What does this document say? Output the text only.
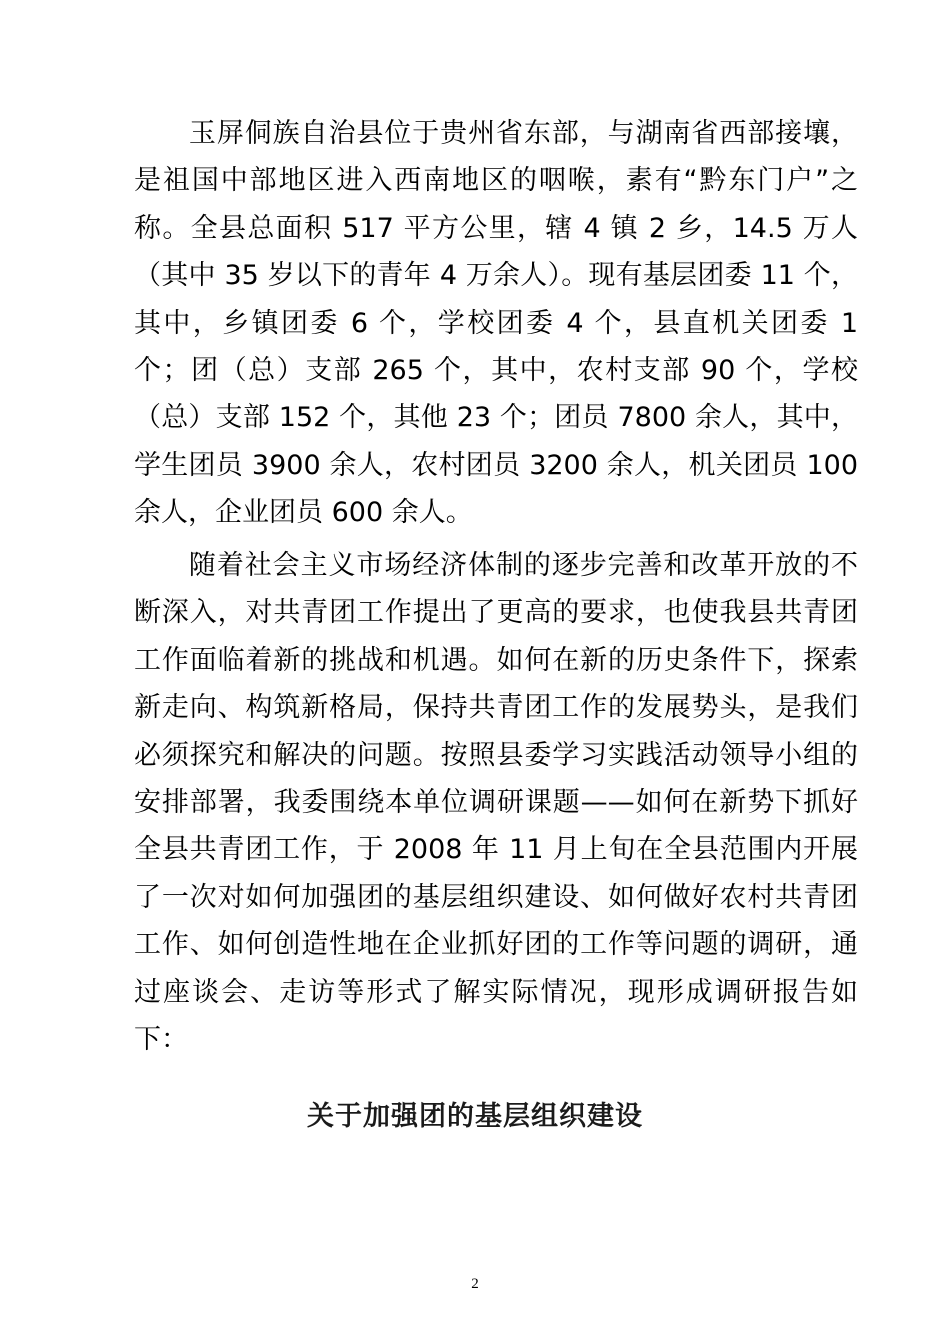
玉屏侗族自治县位于贵州省东部，与湖南省西部接壤，是祖国中部地区进入西南地区的咽喉，素有“黔东门户”之称。全县总面积 517 平方公里，辖 4 镇 2 乡，14.5 万人（其中 35 岁以下的青年 4 万余人）。现有基层团委 11 个，其中，乡镇团委 6 个，学校团委 4 个，县直机关团委 1 个；团（总）支部 265 个，其中，农村支部 90 个，学校（总）支部 152 个，其他 23 个；团员 7800 余人，其中，学生团员 3900 余人，农村团员 3200 余人，机关团员 100 余人，企业团员 600 余人。

随着社会主义市场经济体制的逐步完善和改革开放的不断深入，对共青团工作提出了更高的要求，也使我县共青团工作面临着新的挑战和机遇。如何在新的历史条件下，探索新走向、构筑新格局，保持共青团工作的发展势头，是我们必须探究和解决的问题。按照县委学习实践活动领导小组的安排部署，我委围绕本单位调研课题——如何在新势下抓好全县共青团工作，于 2008 年 11 月上旬在全县范围内开展了一次对如何加强团的基层组织建设、如何做好农村共青团工作、如何创造性地在企业抓好团的工作等问题的调研，通过座谈会、走访等形式了解实际情况，现形成调研报告如下：

关于加强团的基层组织建设
2
